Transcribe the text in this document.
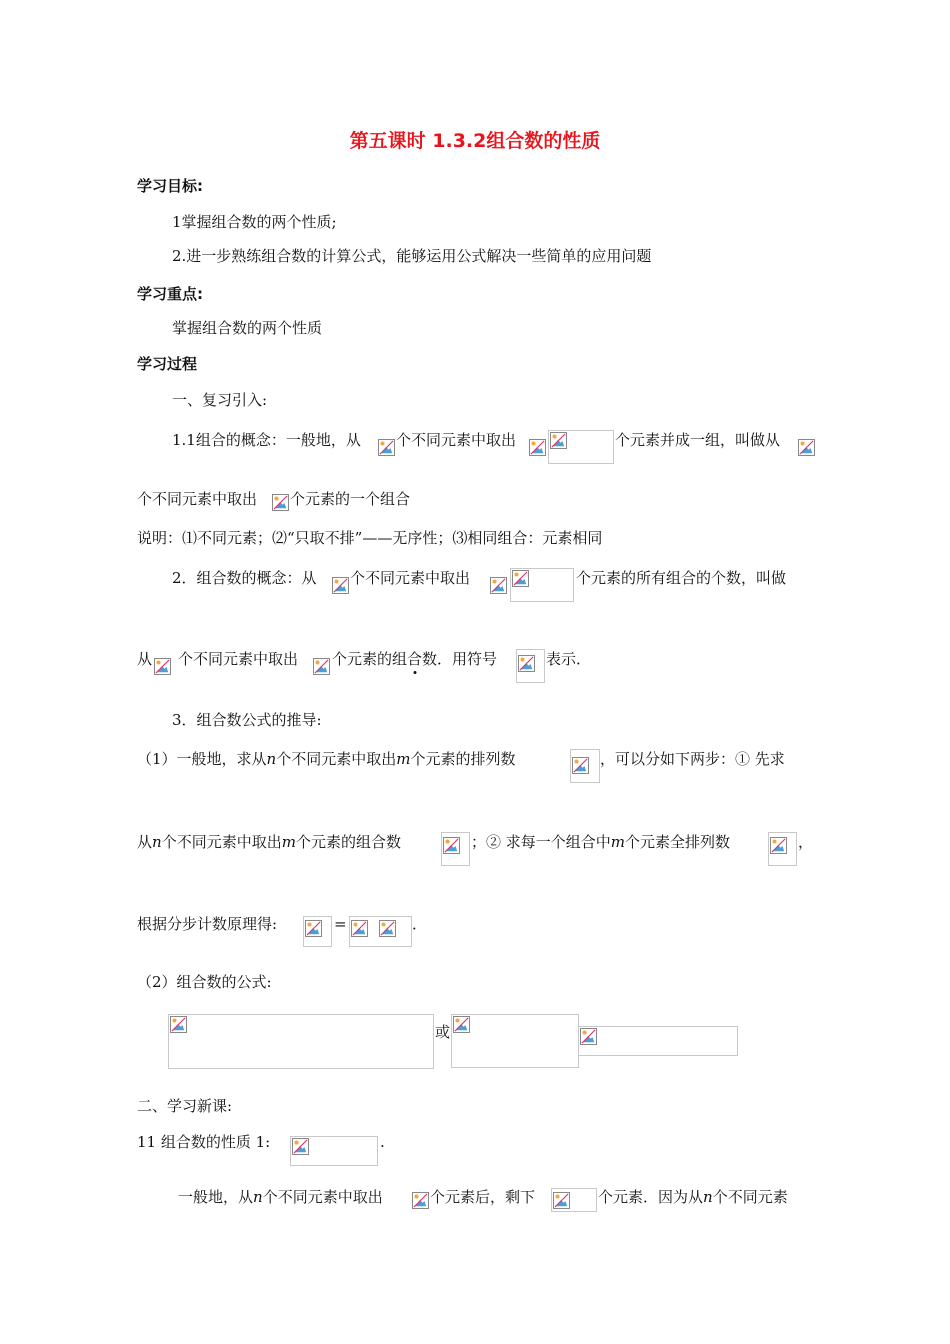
第五课时 1.3.2组合数的性质
学习目标:
1掌握组合数的两个性质;
2.进一步熟练组合数的计算公式，能够运用公式解决一些简单的应用问题
学习重点:
掌握组合数的两个性质
学习过程
一、复习引入:
1.1组合的概念：一般地，从 个不同元素中取出	个元素并成一组，叫做从
个不同元素中取出 个元素的一个组合
说明：⑴不同元素；⑵“只取不排”——无序性；⑶相同组合：元素相同
2．组合数的概念：从 个不同元素中取出	个元素的所有组合的个数，叫做
从 个不同元素中取出 个元素的组合数．用符号	表示．
3．组合数公式的推导:
（1）一般地，求从n个不同元素中取出m个元素的排列数	，可以分如下两步：① 先求
从n个不同元素中取出m个元素的组合数	；② 求每一个组合中m个元素全排列数	，
根据分步计数原理得:	=	．
（2）组合数的公式:
或
二、学习新课:
11 组合数的性质 1:	.
一般地，从n个不同元素中取出	个元素后，剩下	个元素．因为从n个不同元素
